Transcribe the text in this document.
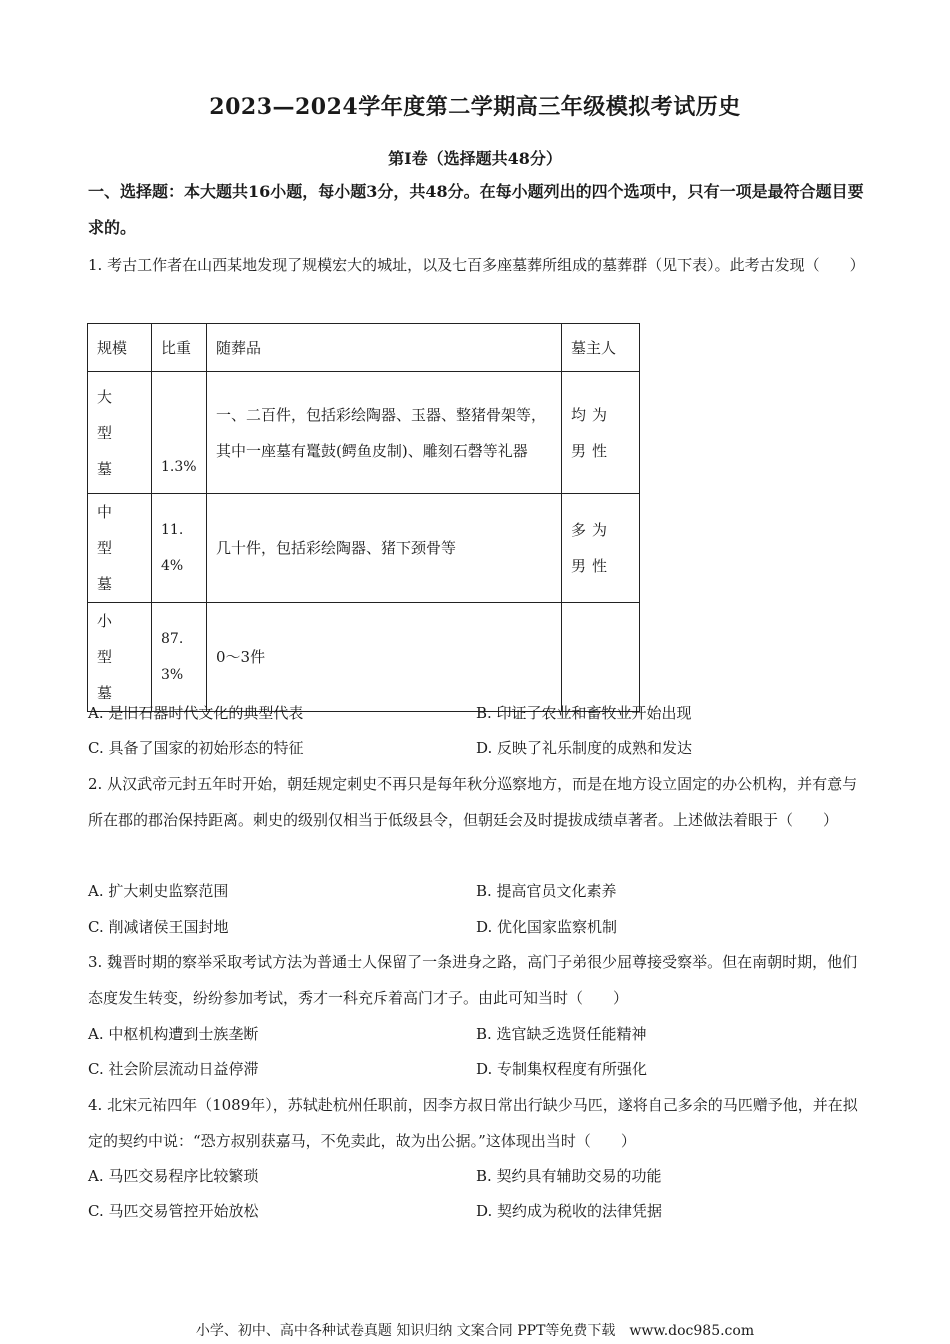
2023—2024学年度第二学期高三年级模拟考试历史
第Ⅰ卷（选择题共48分）
一、选择题：本大题共16小题，每小题3分，共48分。在每小题列出的四个选项中，只有一项是最符合题目要求的。
1. 考古工作者在山西某地发现了规模宏大的城址，以及七百多座墓葬所组成的墓葬群（见下表）。此考古发现（　　）
规模	比重	随葬品	墓主人
大型墓	1.3%	一、二百件，包括彩绘陶器、玉器、整猪骨架等，其中一座墓有鼍鼓(鳄鱼皮制)、雕刻石磬等礼器	均为男性
中型墓	11.4%	几十件，包括彩绘陶器、猪下颈骨等	多为男性
小型墓	87.3%	0～3件	
A. 是旧石器时代文化的典型代表	B. 印证了农业和畜牧业开始出现
C. 具备了国家的初始形态的特征	D. 反映了礼乐制度的成熟和发达
2. 从汉武帝元封五年时开始，朝廷规定刺史不再只是每年秋分巡察地方，而是在地方设立固定的办公机构，并有意与所在郡的郡治保持距离。刺史的级别仅相当于低级县令，但朝廷会及时提拔成绩卓著者。上述做法着眼于（　　）
A. 扩大刺史监察范围	B. 提高官员文化素养
C. 削减诸侯王国封地	D. 优化国家监察机制
3. 魏晋时期的察举采取考试方法为普通士人保留了一条进身之路，高门子弟很少屈尊接受察举。但在南朝时期，他们态度发生转变，纷纷参加考试，秀才一科充斥着高门才子。由此可知当时（　　）
A. 中枢机构遭到士族垄断	B. 选官缺乏选贤任能精神
C. 社会阶层流动日益停滞	D. 专制集权程度有所强化
4. 北宋元祐四年（1089年），苏轼赴杭州任职前，因李方叔日常出行缺少马匹，遂将自己多余的马匹赠予他，并在拟定的契约中说：“恐方叔别获嘉马，不免卖此，故为出公据。”这体现出当时（　　）
A. 马匹交易程序比较繁琐	B. 契约具有辅助交易的功能
C. 马匹交易管控开始放松	D. 契约成为税收的法律凭据
小学、初中、高中各种试卷真题 知识归纳 文案合同 PPT等免费下载　www.doc985.com
